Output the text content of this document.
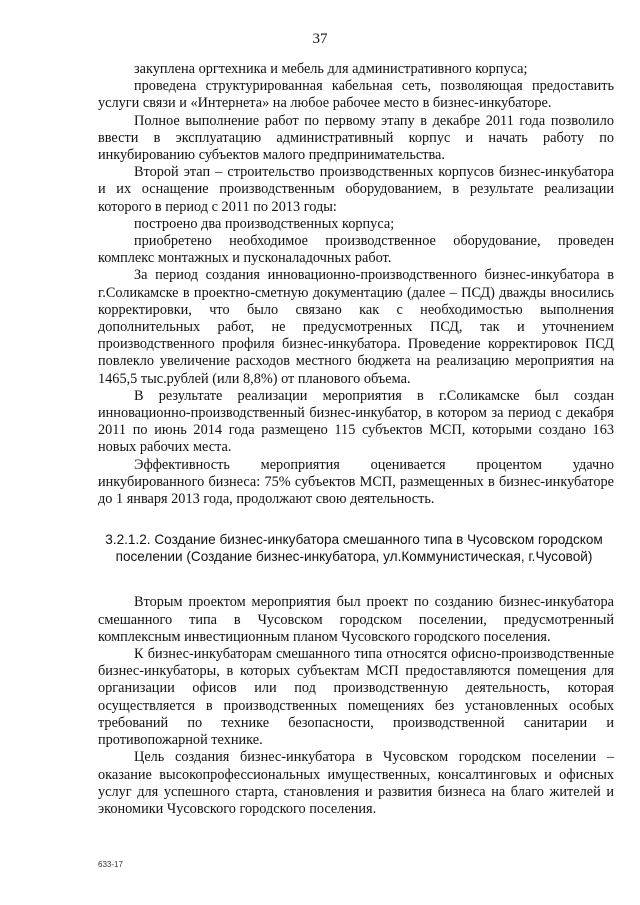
37

закуплена оргтехника и мебель для административного корпуса;

проведена структурированная кабельная сеть, позволяющая предоставить услуги связи и «Интернета» на любое рабочее место в бизнес-инкубаторе.

Полное выполнение работ по первому этапу в декабре 2011 года позволило ввести в эксплуатацию административный корпус и начать работу по инкубированию субъектов малого предпринимательства.

Второй этап – строительство производственных корпусов бизнес-инкубатора и их оснащение производственным оборудованием, в результате реализации которого в период с 2011 по 2013 годы:

построено два производственных корпуса;

приобретено необходимое производственное оборудование, проведен комплекс монтажных и пусконаладочных работ.

За период создания инновационно-производственного бизнес-инкубатора в г.Соликамске в проектно-сметную документацию (далее – ПСД) дважды вносились корректировки, что было связано как с необходимостью выполнения дополнительных работ, не предусмотренных ПСД, так и уточнением производственного профиля бизнес-инкубатора. Проведение корректировок ПСД повлекло увеличение расходов местного бюджета на реализацию мероприятия на 1465,5 тыс.рублей (или 8,8%) от планового объема.

В результате реализации мероприятия в г.Соликамске был создан инновационно-производственный бизнес-инкубатор, в котором за период с декабря 2011 по июнь 2014 года размещено 115 субъектов МСП, которыми создано 163 новых рабочих места.

Эффективность мероприятия оценивается процентом удачно инкубированного бизнеса: 75% субъектов МСП, размещенных в бизнес-инкубаторе до 1 января 2013 года, продолжают свою деятельность.

3.2.1.2. Создание бизнес-инкубатора смешанного типа в Чусовском городском поселении (Создание бизнес-инкубатора, ул.Коммунистическая, г.Чусовой)

Вторым проектом мероприятия был проект по созданию бизнес-инкубатора смешанного типа в Чусовском городском поселении, предусмотренный комплексным инвестиционным планом Чусовского городского поселения.

К бизнес-инкубаторам смешанного типа относятся офисно-производственные бизнес-инкубаторы, в которых субъектам МСП предоставляются помещения для организации офисов или под производственную деятельность, которая осуществляется в производственных помещениях без установленных особых требований по технике безопасности, производственной санитарии и противопожарной технике.

Цель создания бизнес-инкубатора в Чусовском городском поселении – оказание высокопрофессиональных имущественных, консалтинговых и офисных услуг для успешного старта, становления и развития бизнеса на благо жителей и экономики Чусовского городского поселения.

633-17
